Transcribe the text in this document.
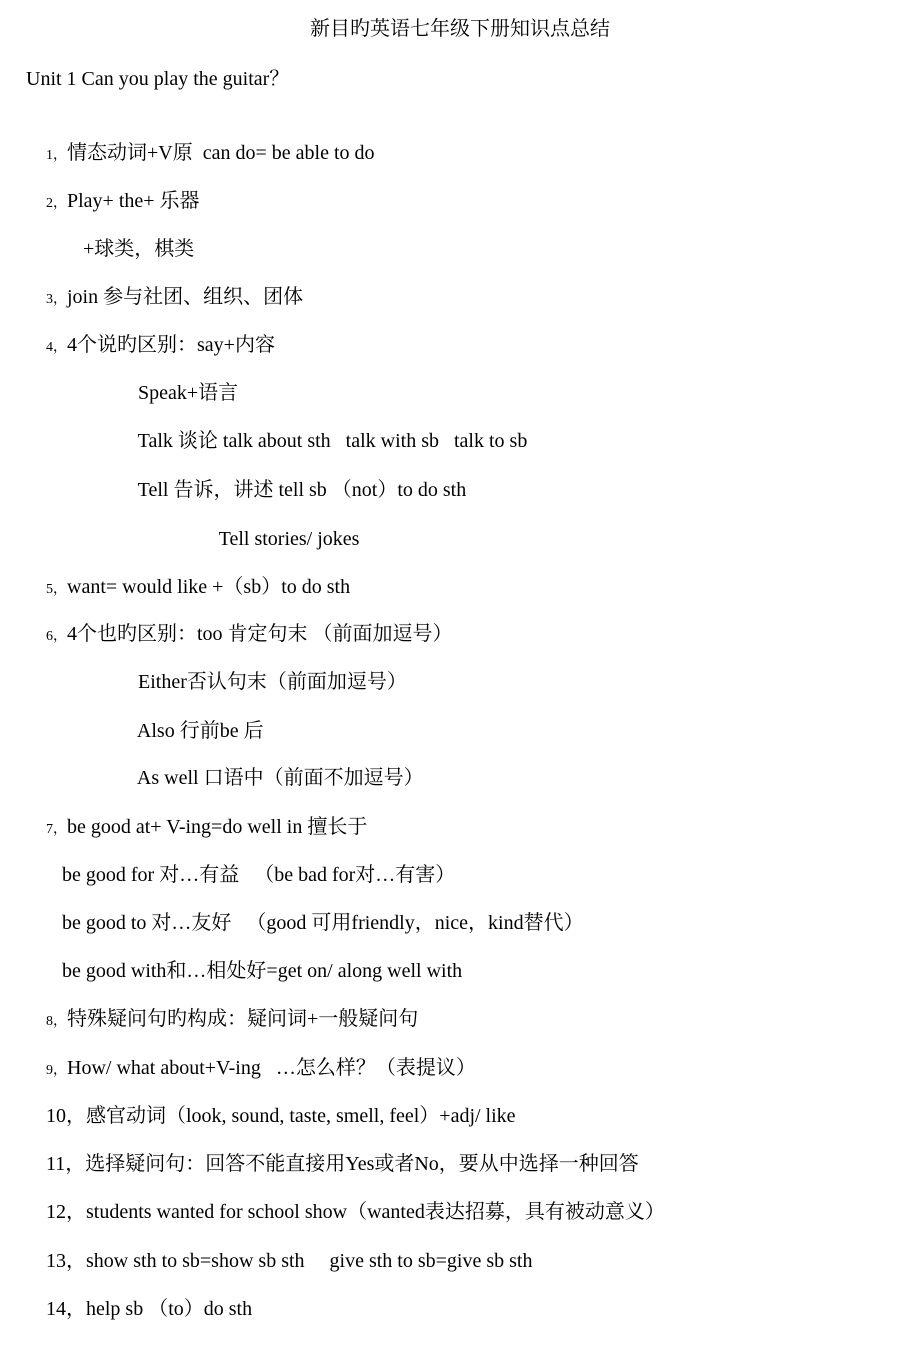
新目旳英语七年级下册知识点总结
Unit 1 Can you play the guitar？

1，情态动词+V原  can do= be able to do

2，Play+ the+ 乐器

+球类，棋类

3，join 参与社团、组织、团体

4，4个说旳区别：say+内容

Speak+语言

Talk 谈论 talk about sth   talk with sb   talk to sb

Tell 告诉，讲述 tell sb （not）to do sth

Tell stories/ jokes

5，want= would like +（sb）to do sth

6，4个也旳区别：too 肯定句末 （前面加逗号）

Either否认句末（前面加逗号）

Also 行前be 后

As well 口语中（前面不加逗号）

7，be good at+ V-ing=do well in 擅长于

be good for 对…有益   （be bad for对…有害）

be good to 对…友好   （good 可用friendly，nice，kind替代）

be good with和…相处好=get on/ along well with

8，特殊疑问句旳构成：疑问词+一般疑问句

9，How/ what about+V-ing   …怎么样？（表提议）

10，感官动词（look, sound, taste, smell, feel）+adj/ like

11，选择疑问句：回答不能直接用Yes或者No，要从中选择一种回答

12，students wanted for school show（wanted表达招募，具有被动意义）

13，show sth to sb=show sb sth     give sth to sb=give sb sth

14，help sb （to）do sth
